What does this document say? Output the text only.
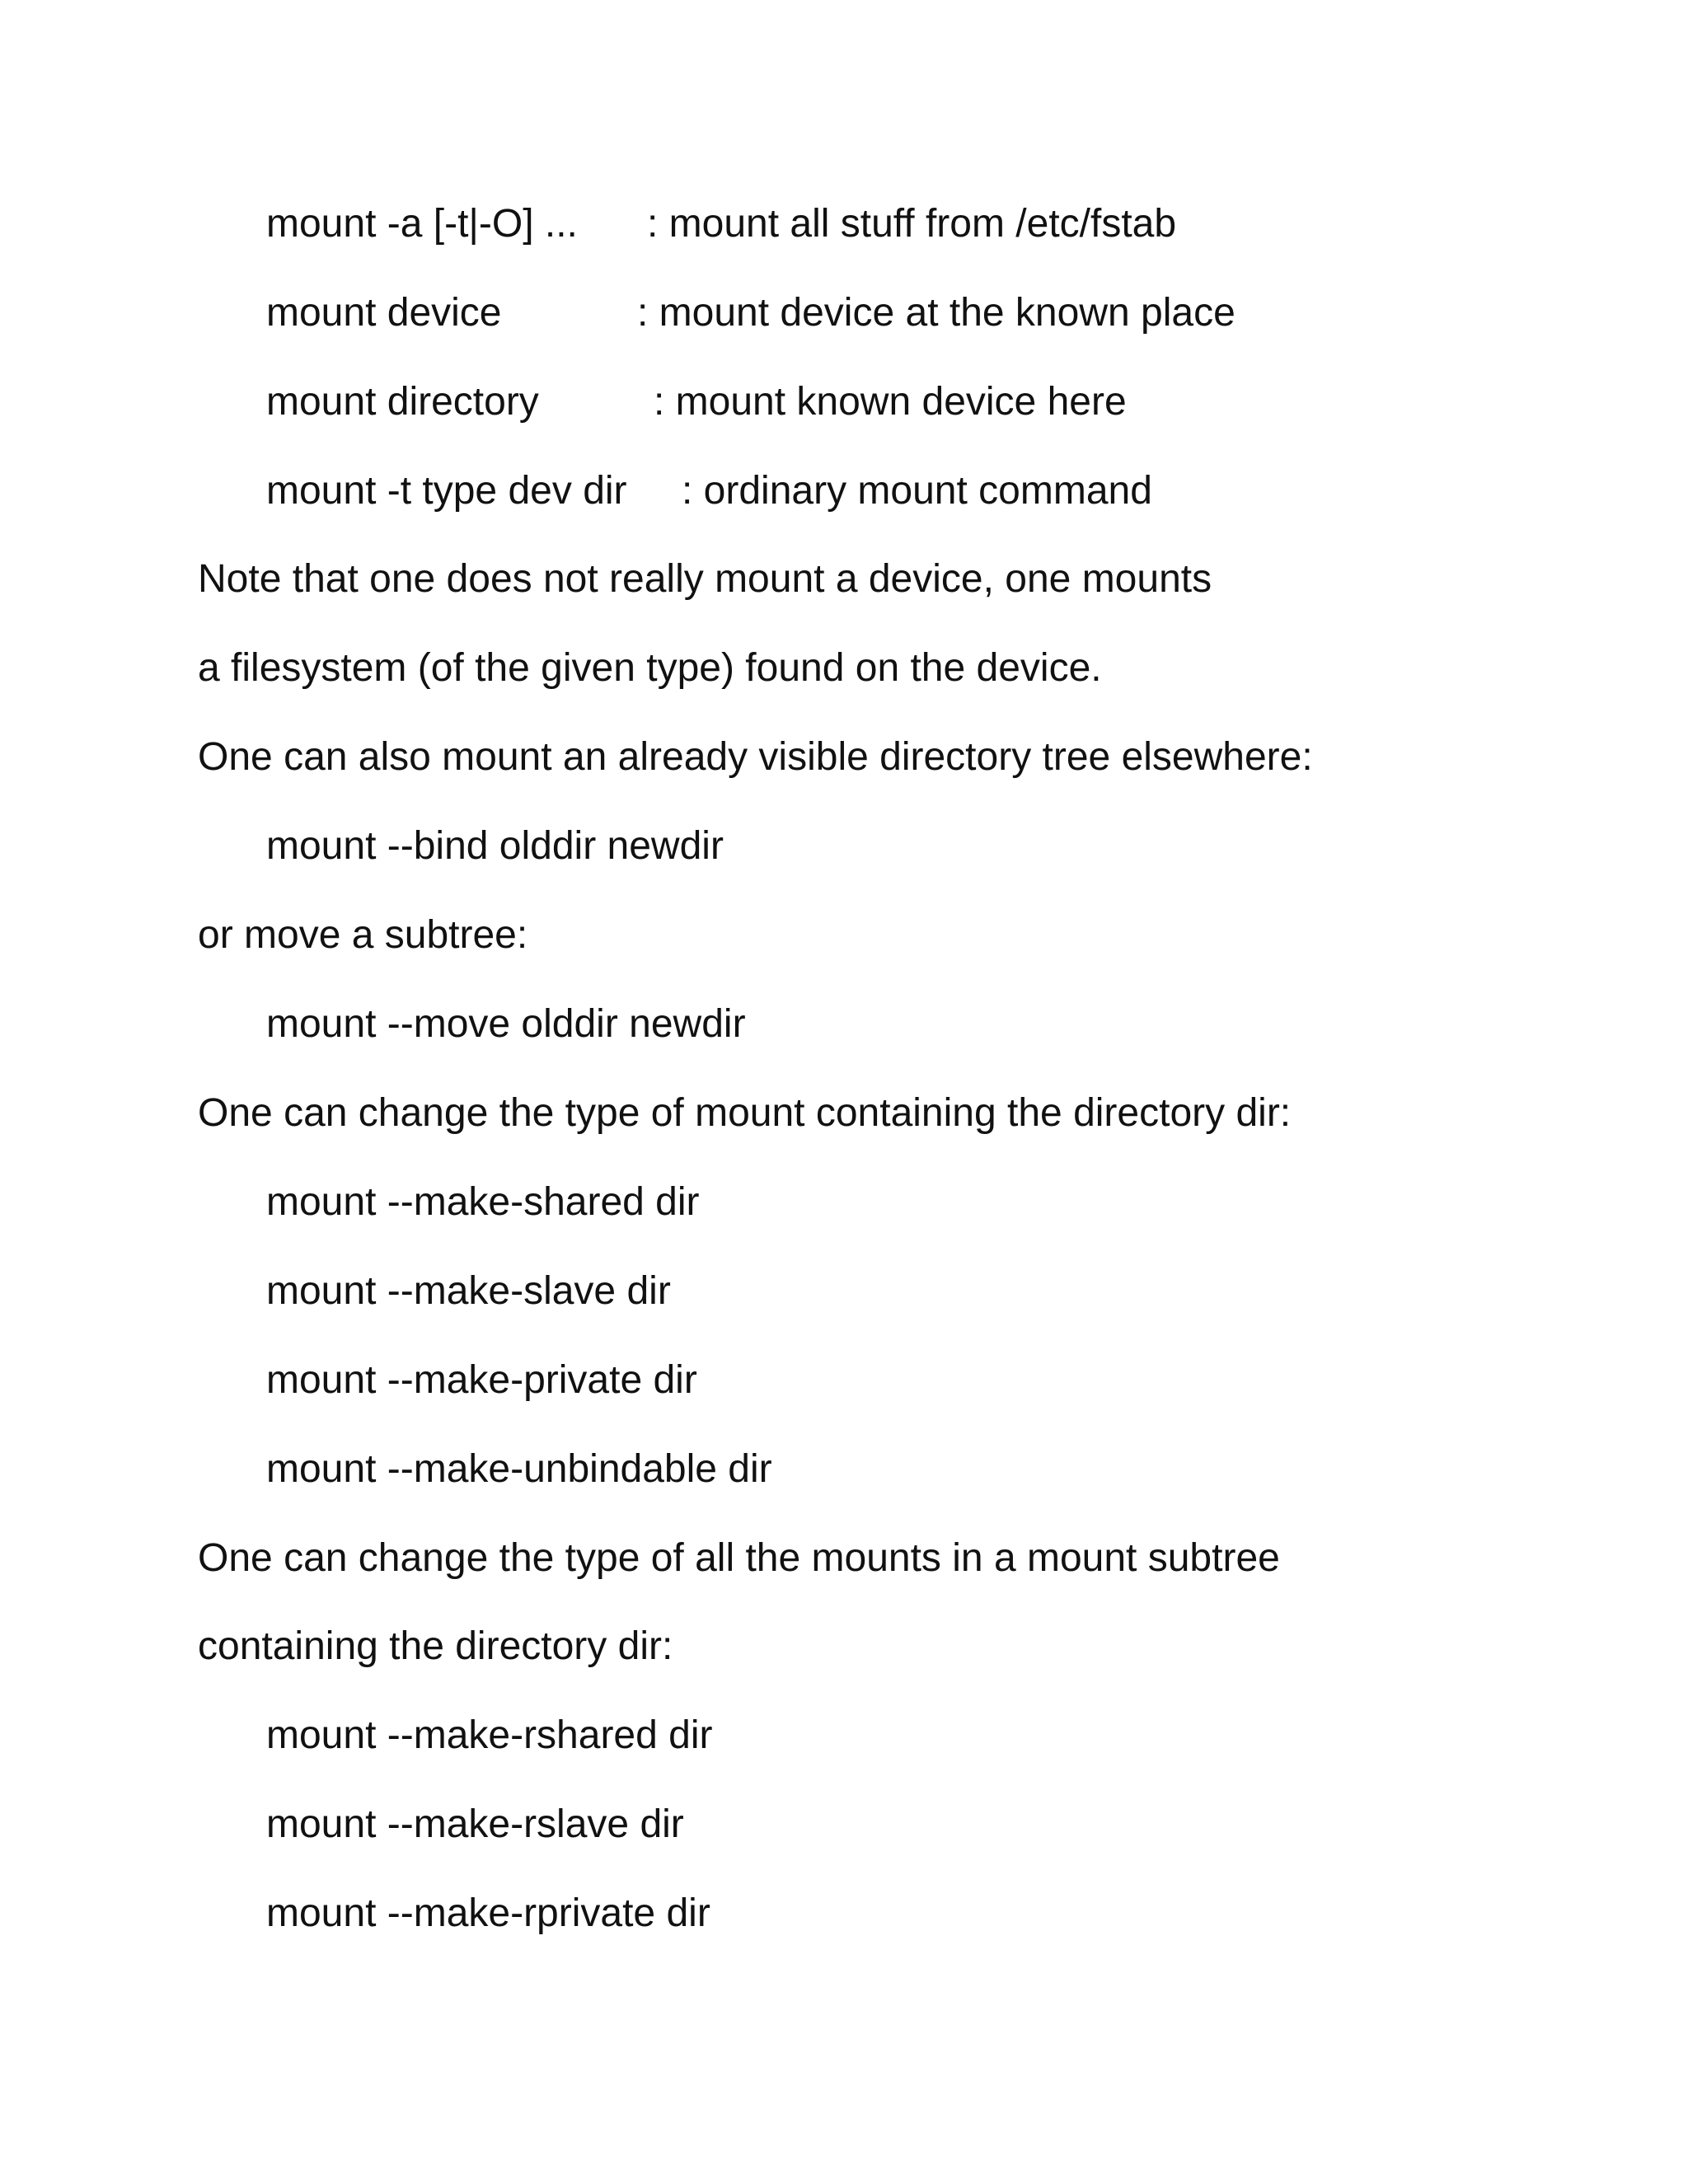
mount -a [-t|-O] ... : mount all stuff from /etc/fstab
mount device	: mount device at the known place
mount directory	: mount known device here
mount -t type dev dir : ordinary mount command
Note that one does not really mount a device, one mounts
a filesystem (of the given type) found on the device.
One can also mount an already visible directory tree elsewhere:
mount --bind olddir newdir
or move a subtree:
mount --move olddir newdir
One can change the type of mount containing the directory dir:
mount --make-shared dir
mount --make-slave dir
mount --make-private dir
mount --make-unbindable dir
One can change the type of all the mounts in a mount subtree
containing the directory dir:
mount --make-rshared dir
mount --make-rslave dir
mount --make-rprivate dir
